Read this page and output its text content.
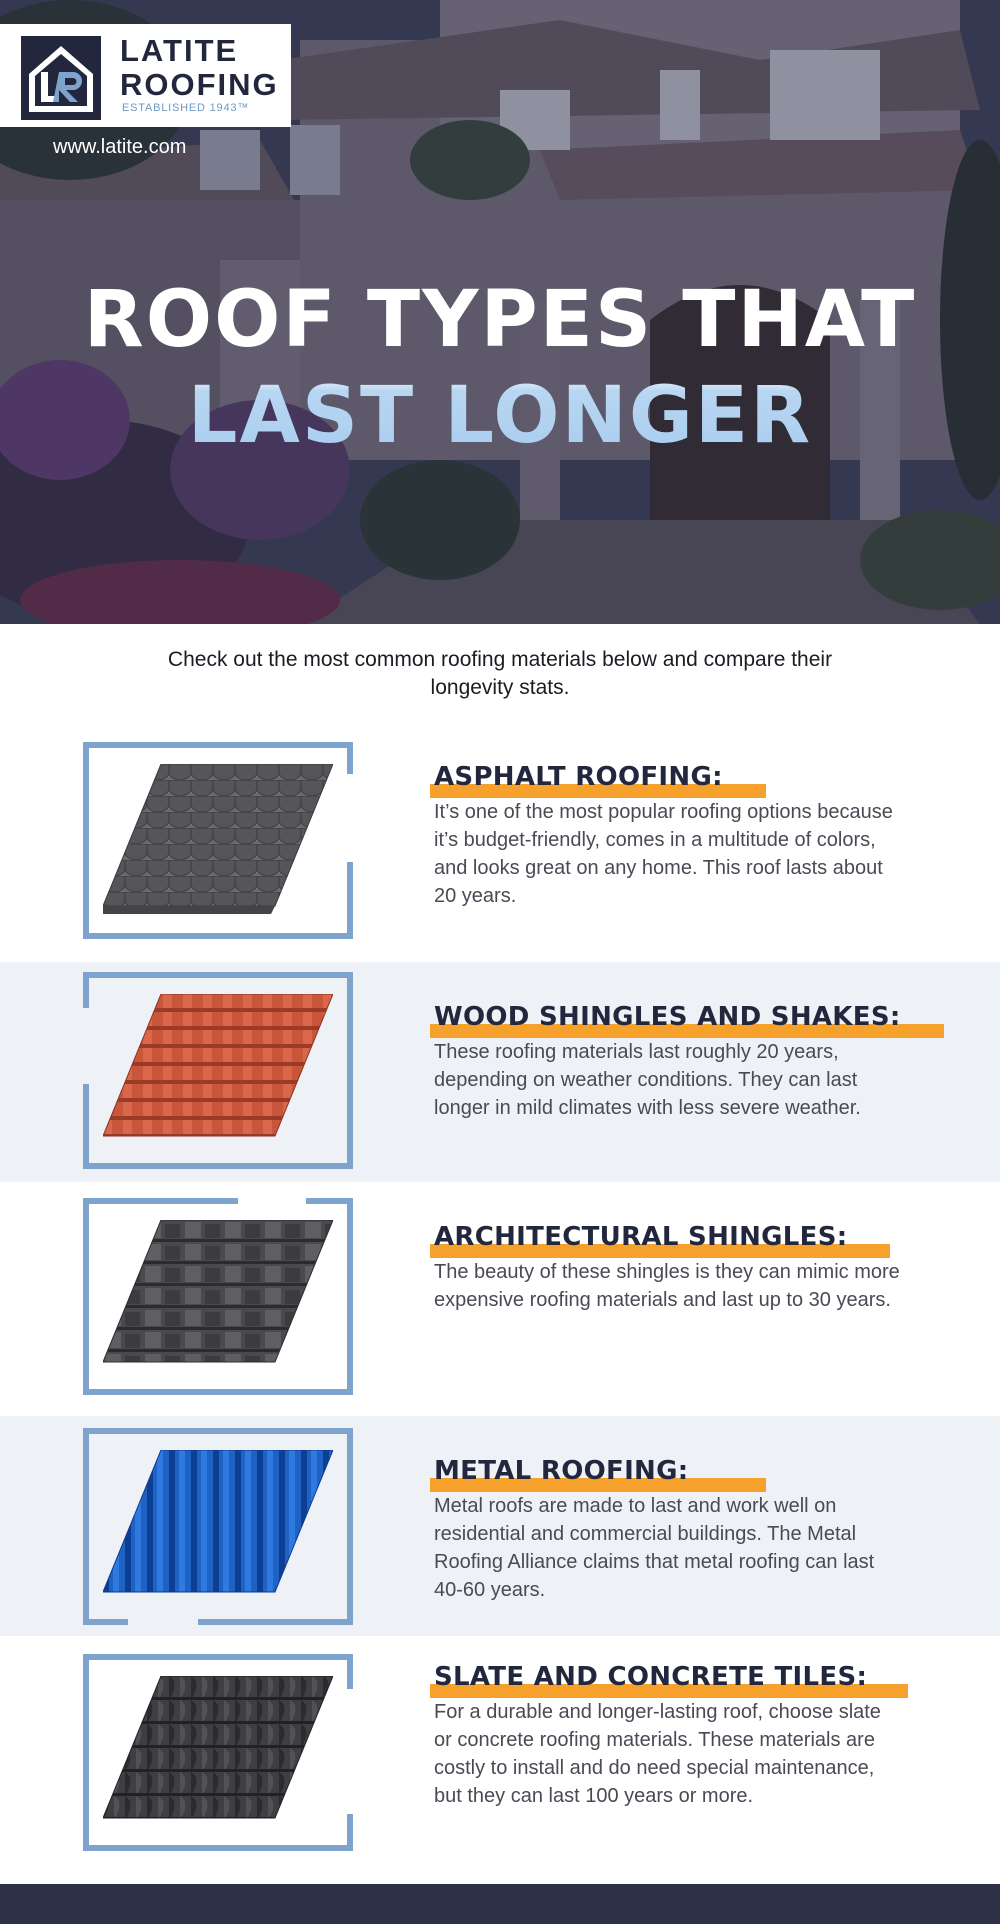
LATITE
ROOFING
ESTABLISHED 1943™
www.latite.com
ROOF TYPES THAT
LAST LONGER
Check out the most common roofing materials below and compare their longevity stats.
ASPHALT ROOFING:
It’s one of the most popular roofing options because it’s budget-friendly, comes in a multitude of colors, and looks great on any home. This roof lasts about 20 years.
WOOD SHINGLES AND SHAKES:
These roofing materials last roughly 20 years, depending on weather conditions. They can last longer in mild climates with less severe weather.
ARCHITECTURAL SHINGLES:
The beauty of these shingles is they can mimic more expensive roofing materials and last up to 30 years.
METAL ROOFING:
Metal roofs are made to last and work well on residential and commercial buildings. The Metal Roofing Alliance claims that metal roofing can last 40-60 years.
SLATE AND CONCRETE TILES:
For a durable and longer-lasting roof, choose slate or concrete roofing materials. These materials are costly to install and do need special maintenance, but they can last 100 years or more.
